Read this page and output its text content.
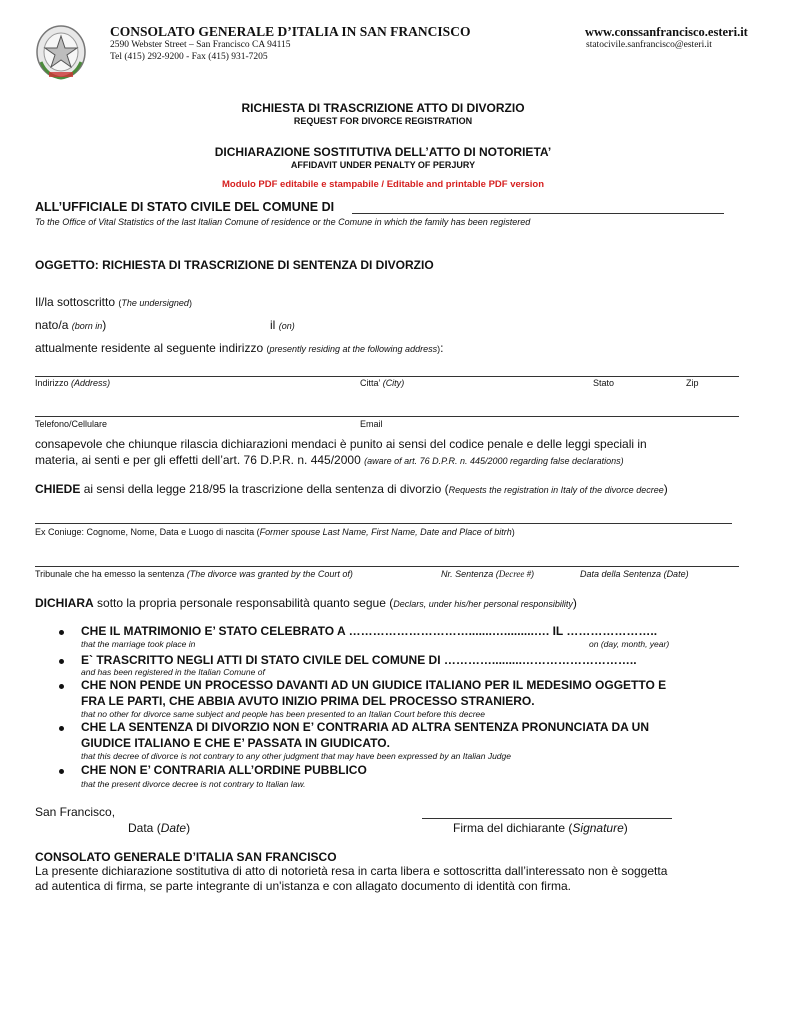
CONSOLATO GENERALE D’ITALIA IN SAN FRANCISCO
2590 Webster Street – San Francisco CA 94115
Tel (415) 292-9200 - Fax (415) 931-7205
www.conssanfrancisco.esteri.it
statocivile.sanfrancisco@esteri.it
RICHIESTA DI TRASCRIZIONE ATTO DI DIVORZIO
REQUEST FOR DIVORCE REGISTRATION
DICHIARAZIONE SOSTITUTIVA DELL’ATTO DI NOTORIETA’
AFFIDAVIT UNDER PENALTY OF PERJURY
Modulo PDF editabile e stampabile / Editable and printable PDF version
ALL’UFFICIALE DI STATO CIVILE DEL COMUNE DI
To the Office of Vital Statistics of the last Italian Comune of residence or the Comune in which the family has been registered
OGGETTO: RICHIESTA DI TRASCRIZIONE DI SENTENZA DI DIVORZIO
Il/la sottoscritto (The undersigned)
nato/a (born in)	il (on)
attualmente residente al seguente indirizzo (presently residing at the following address):
Indirizzo (Address)	Citta’ (City)	Stato	Zip
Telefono/Cellulare	Email
consapevole che chiunque rilascia dichiarazioni mendaci è punito ai sensi del codice penale e delle leggi speciali in
materia, ai senti e per gli effetti dell’art. 76 D.P.R. n. 445/2000 (aware of art. 76 D.P.R. n. 445/2000 regarding false declarations)
CHIEDE ai sensi della legge 218/95 la trascrizione della sentenza di divorzio (Requests the registration in Italy of the divorce decree)
Ex Coniuge: Cognome, Nome, Data e Luogo di nascita (Former spouse Last Name, First Name, Date and Place of bitrh)
Tribunale che ha emesso la sentenza (The divorce was granted by the Court of)	Nr. Sentenza (Decree #)	Data della Sentenza (Date)
DICHIARA sotto la propria personale responsabilità quanto segue (Declars, under his/her personal responsibility)
CHE IL MATRIMONIO E’ STATO CELEBRATO A ………………………….......….........…. IL …………………..
that the marriage took place in	on (day, month, year)
E` TRASCRITTO NEGLI ATTI DI STATO CIVILE DEL COMUNE DI ………….........………………………..
and has been registered in the Italian Comune of
CHE NON PENDE UN PROCESSO DAVANTI AD UN GIUDICE ITALIANO PER IL MEDESIMO OGGETTO E
FRA LE PARTI, CHE ABBIA AVUTO INIZIO PRIMA DEL PROCESSO STRANIERO.
that no other for divorce same subject and people has been presented to an Italian Court before this decree
CHE LA SENTENZA DI DIVORZIO NON E’ CONTRARIA AD ALTRA SENTENZA PRONUNCIATA DA UN
GIUDICE ITALIANO E CHE E’ PASSATA IN GIUDICATO.
that this decree of divorce is not contrary to any other judgment that may have been expressed by an Italian Judge
CHE NON E’ CONTRARIA ALL’ORDINE PUBBLICO
that the present divorce decree is not contrary to Italian law.
San Francisco,
Data (Date)	Firma del dichiarante (Signature)
CONSOLATO GENERALE D’ITALIA SAN FRANCISCO
La presente dichiarazione sostitutiva di atto di notorietà resa in carta libera e sottoscritta dall’interessato non è soggetta
ad autentica di firma, se parte integrante di un'istanza e con allagato documento di identità con firma.
